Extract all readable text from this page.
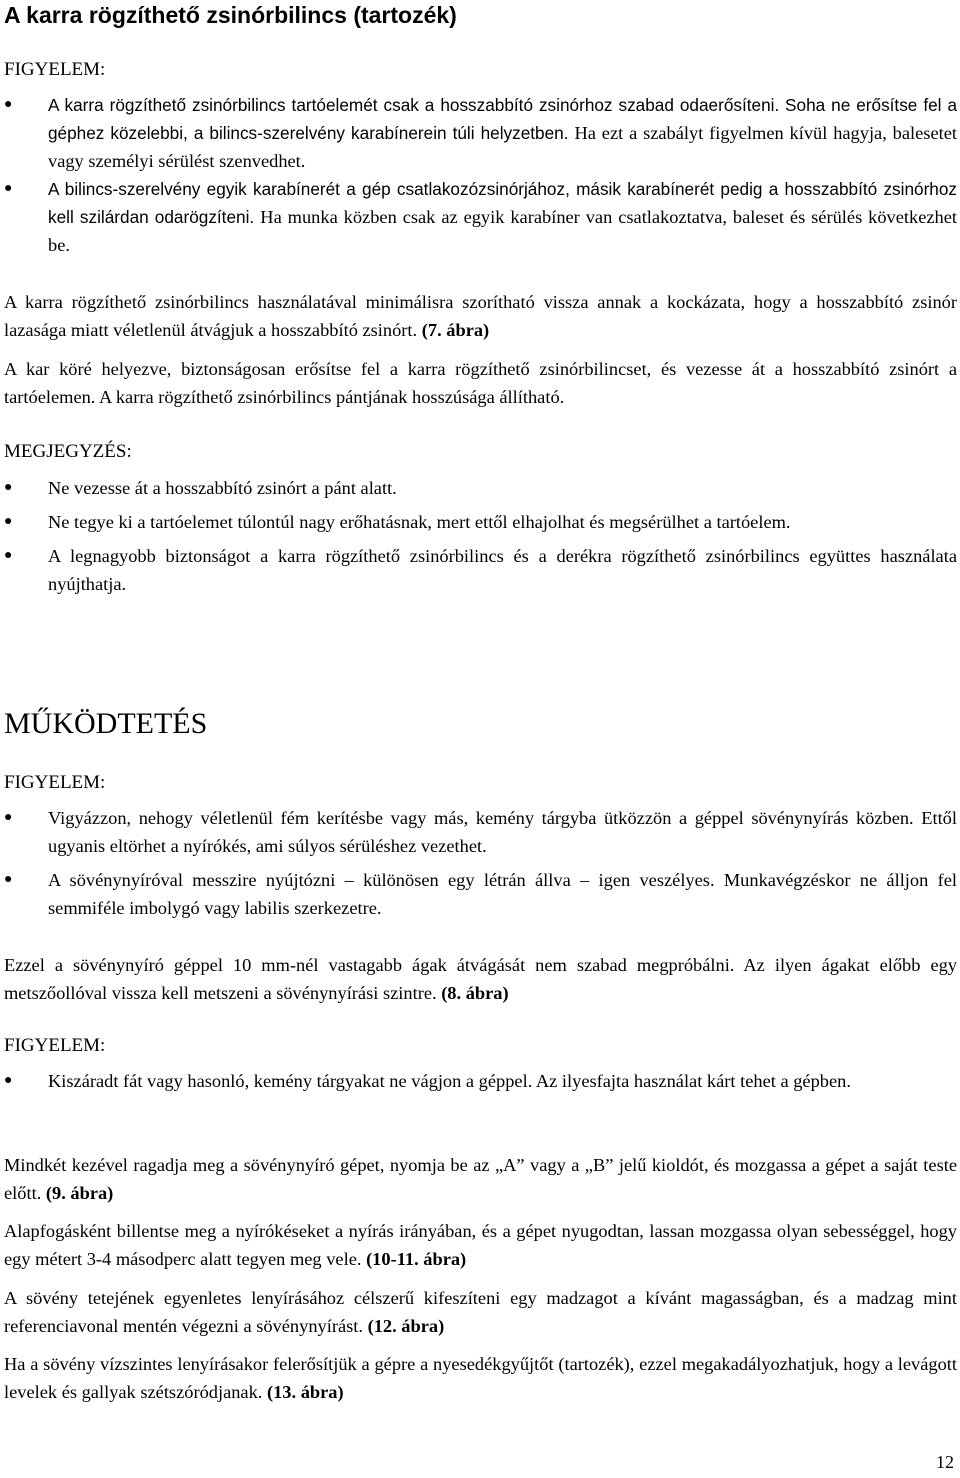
A karra rögzíthető zsinórbilincs (tartozék)
FIGYELEM:
● A karra rögzíthető zsinórbilincs tartóelemét csak a hosszabbító zsinórhoz szabad odaerősíteni. Soha ne erősítse fel a géphez közelebbi, a bilincs-szerelvény karabínerein túli helyzetben. Ha ezt a szabályt figyelmen kívül hagyja, balesetet vagy személyi sérülést szenvedhet.
● A bilincs-szerelvény egyik karabínerét a gép csatlakozózsinórjához, másik karabínerét pedig a hosszabbító zsinórhoz kell szilárdan odarögzíteni. Ha munka közben csak az egyik karabíner van csatlakoztatva, baleset és sérülés következhet be.

A karra rögzíthető zsinórbilincs használatával minimálisra szorítható vissza annak a kockázata, hogy a hosszabbító zsinór lazasága miatt véletlenül átvágjuk a hosszabbító zsinórt. (7. ábra)

A kar köré helyezve, biztonságosan erősítse fel a karra rögzíthető zsinórbilincset, és vezesse át a hosszabbító zsinórt a tartóelemen. A karra rögzíthető zsinórbilincs pántjának hosszúsága állítható.

MEGJEGYZÉS:
● Ne vezesse át a hosszabbító zsinórt a pánt alatt.
● Ne tegye ki a tartóelemet túlontúl nagy erőhatásnak, mert ettől elhajolhat és megsérülhet a tartóelem.
● A legnagyobb biztonságot a karra rögzíthető zsinórbilincs és a derékra rögzíthető zsinórbilincs együttes használata nyújthatja.
MŰKÖDTETÉS
FIGYELEM:
● Vigyázzon, nehogy véletlenül fém kerítésbe vagy más, kemény tárgyba ütközzön a géppel sövénynyírás közben. Ettől ugyanis eltörhet a nyírókés, ami súlyos sérüléshez vezethet.
● A sövénynyíróval messzire nyújtózni – különösen egy létrán állva – igen veszélyes. Munkavégzéskor ne álljon fel semmiféle imbolygó vagy labilis szerkezetre.

Ezzel a sövénynyíró géppel 10 mm-nél vastagabb ágak átvágását nem szabad megpróbálni. Az ilyen ágakat előbb egy metszőollóval vissza kell metszeni a sövénynyírási szintre. (8. ábra)

FIGYELEM:
● Kiszáradt fát vagy hasonló, kemény tárgyakat ne vágjon a géppel. Az ilyesfajta használat kárt tehet a gépben.

Mindkét kezével ragadja meg a sövénynyíró gépet, nyomja be az „A” vagy a „B” jelű kioldót, és mozgassa a gépet a saját teste előtt. (9. ábra)

Alapfogásként billentse meg a nyírókéseket a nyírás irányában, és a gépet nyugodtan, lassan mozgassa olyan sebességgel, hogy egy métert 3-4 másodperc alatt tegyen meg vele. (10-11. ábra)

A sövény tetejének egyenletes lenyírásához célszerű kifeszíteni egy madzagot a kívánt magasságban, és a madzag mint referenciavonal mentén végezni a sövénynyírást. (12. ábra)

Ha a sövény vízszintes lenyírásakor felerősítjük a gépre a nyesedékgyűjtőt (tartozék), ezzel megakadályozhatjuk, hogy a levágott levelek és gallyak szétszóródjanak. (13. ábra)

12
